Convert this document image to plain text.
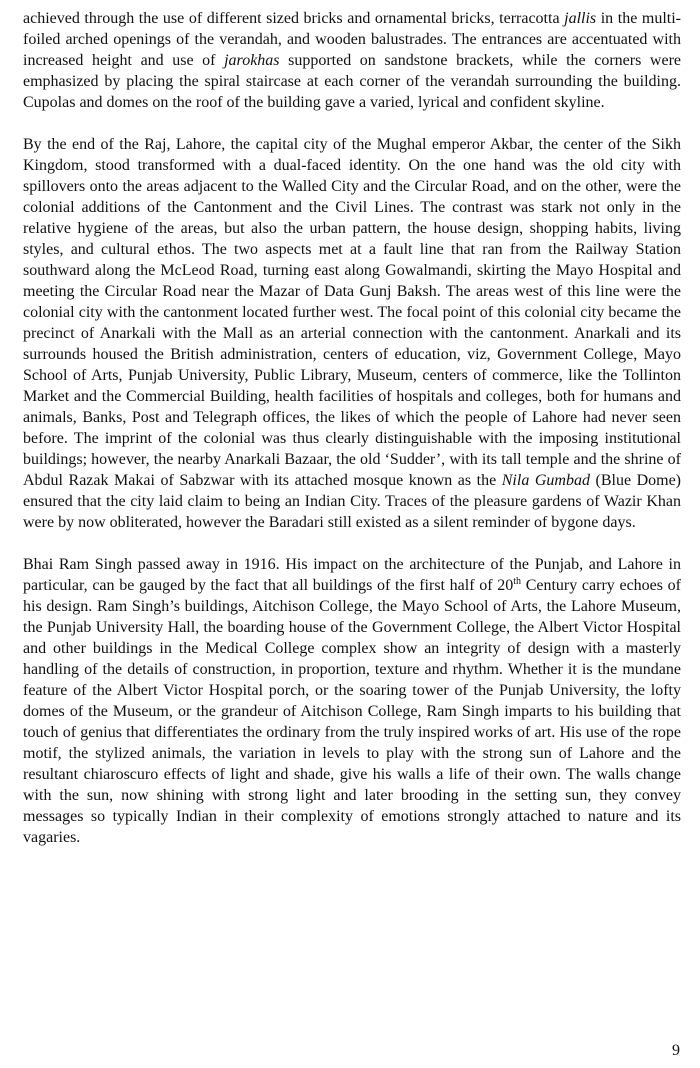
achieved through the use of different sized bricks and ornamental bricks, terracotta jallis in the multi-foiled arched openings of the verandah, and wooden balustrades. The entrances are accentuated with increased height and use of jarokhas supported on sandstone brackets, while the corners were emphasized by placing the spiral staircase at each corner of the verandah surrounding the building. Cupolas and domes on the roof of the building gave a varied, lyrical and confident skyline.

By the end of the Raj, Lahore, the capital city of the Mughal emperor Akbar, the center of the Sikh Kingdom, stood transformed with a dual-faced identity. On the one hand was the old city with spillovers onto the areas adjacent to the Walled City and the Circular Road, and on the other, were the colonial additions of the Cantonment and the Civil Lines. The contrast was stark not only in the relative hygiene of the areas, but also the urban pattern, the house design, shopping habits, living styles, and cultural ethos. The two aspects met at a fault line that ran from the Railway Station southward along the McLeod Road, turning east along Gowalmandi, skirting the Mayo Hospital and meeting the Circular Road near the Mazar of Data Gunj Baksh. The areas west of this line were the colonial city with the cantonment located further west. The focal point of this colonial city became the precinct of Anarkali with the Mall as an arterial connection with the cantonment. Anarkali and its surrounds housed the British administration, centers of education, viz, Government College, Mayo School of Arts, Punjab University, Public Library, Museum, centers of commerce, like the Tollinton Market and the Commercial Building, health facilities of hospitals and colleges, both for humans and animals, Banks, Post and Telegraph offices, the likes of which the people of Lahore had never seen before. The imprint of the colonial was thus clearly distinguishable with the imposing institutional buildings; however, the nearby Anarkali Bazaar, the old ‘Sudder’, with its tall temple and the shrine of Abdul Razak Makai of Sabzwar with its attached mosque known as the Nila Gumbad (Blue Dome) ensured that the city laid claim to being an Indian City. Traces of the pleasure gardens of Wazir Khan were by now obliterated, however the Baradari still existed as a silent reminder of bygone days.

Bhai Ram Singh passed away in 1916. His impact on the architecture of the Punjab, and Lahore in particular, can be gauged by the fact that all buildings of the first half of 20th Century carry echoes of his design. Ram Singh’s buildings, Aitchison College, the Mayo School of Arts, the Lahore Museum, the Punjab University Hall, the boarding house of the Government College, the Albert Victor Hospital and other buildings in the Medical College complex show an integrity of design with a masterly handling of the details of construction, in proportion, texture and rhythm. Whether it is the mundane feature of the Albert Victor Hospital porch, or the soaring tower of the Punjab University, the lofty domes of the Museum, or the grandeur of Aitchison College, Ram Singh imparts to his building that touch of genius that differentiates the ordinary from the truly inspired works of art. His use of the rope motif, the stylized animals, the variation in levels to play with the strong sun of Lahore and the resultant chiaroscuro effects of light and shade, give his walls a life of their own. The walls change with the sun, now shining with strong light and later brooding in the setting sun, they convey messages so typically Indian in their complexity of emotions strongly attached to nature and its vagaries.

9
